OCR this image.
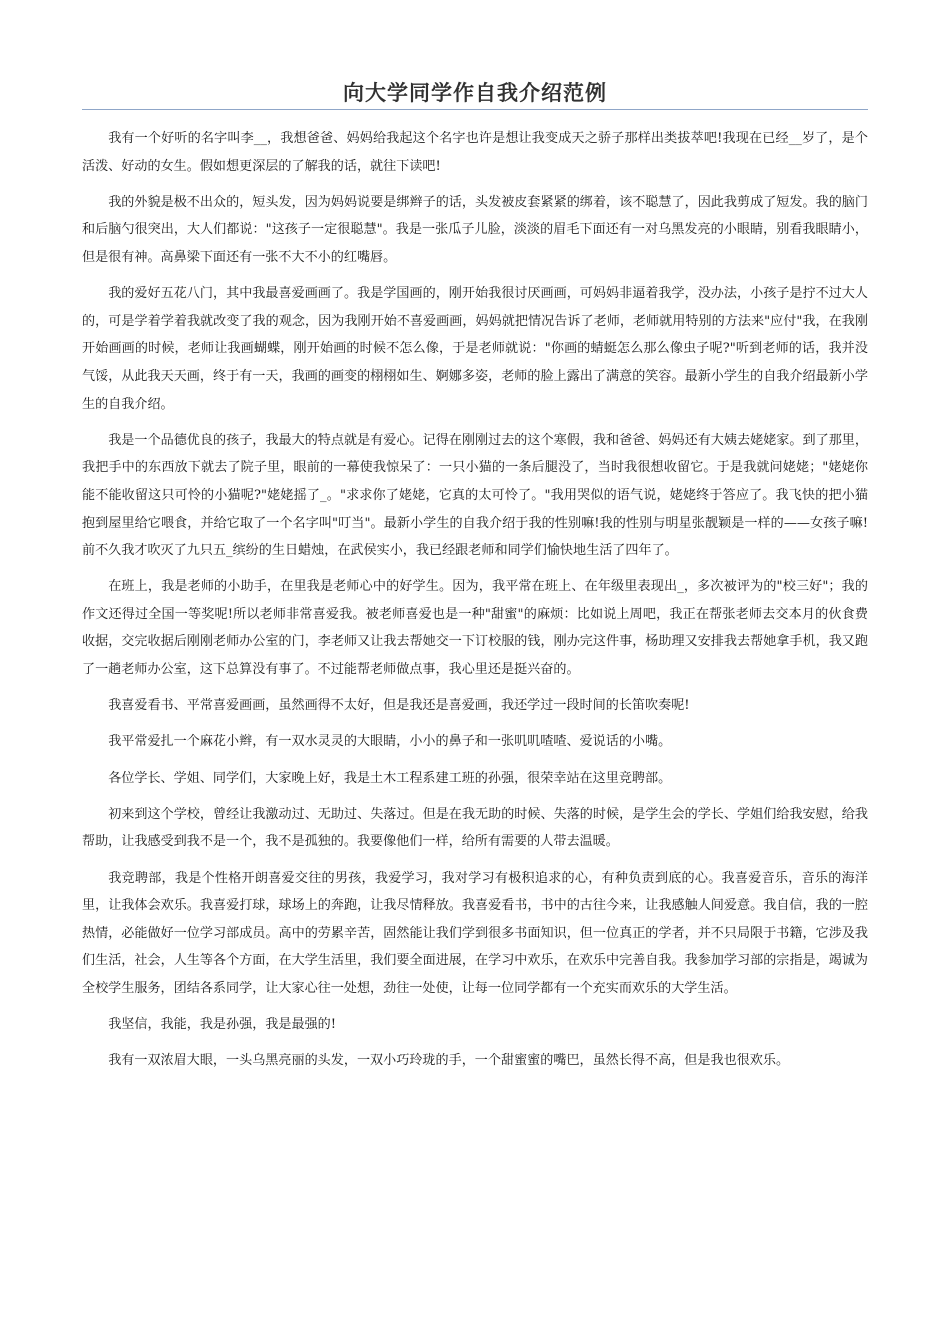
向大学同学作自我介绍范例

我有一个好听的名字叫李__，我想爸爸、妈妈给我起这个名字也许是想让我变成天之骄子那样出类拔萃吧!我现在已经__岁了，是个活泼、好动的女生。假如想更深层的了解我的话，就往下读吧!

我的外貌是极不出众的，短头发，因为妈妈说要是绑辫子的话，头发被皮套紧紧的绑着，该不聪慧了，因此我剪成了短发。我的脑门和后脑勺很突出，大人们都说："这孩子一定很聪慧"。我是一张瓜子儿脸，淡淡的眉毛下面还有一对乌黑发亮的小眼睛，别看我眼睛小，但是很有神。高鼻梁下面还有一张不大不小的红嘴唇。

我的爱好五花八门，其中我最喜爱画画了。我是学国画的，刚开始我很讨厌画画，可妈妈非逼着我学，没办法，小孩子是拧不过大人的，可是学着学着我就改变了我的观念，因为我刚开始不喜爱画画，妈妈就把情况告诉了老师，老师就用特别的方法来"应付"我，在我刚开始画画的时候，老师让我画蝴蝶，刚开始画的时候不怎么像，于是老师就说："你画的蜻蜓怎么那么像虫子呢?"听到老师的话，我并没气馁，从此我天天画，终于有一天，我画的画变的栩栩如生、婀娜多姿，老师的脸上露出了满意的笑容。最新小学生的自我介绍最新小学生的自我介绍。

我是一个品德优良的孩子，我最大的特点就是有爱心。记得在刚刚过去的这个寒假，我和爸爸、妈妈还有大姨去姥姥家。到了那里，我把手中的东西放下就去了院子里，眼前的一幕使我惊呆了：一只小猫的一条后腿没了，当时我很想收留它。于是我就问姥姥；"姥姥你能不能收留这只可怜的小猫呢?"姥姥摇了_。"求求你了姥姥，它真的太可怜了。"我用哭似的语气说，姥姥终于答应了。我飞快的把小猫抱到屋里给它喂食，并给它取了一个名字叫"叮当"。最新小学生的自我介绍于我的性别嘛!我的性别与明星张靓颖是一样的——女孩子嘛!前不久我才吹灭了九只五_缤纷的生日蜡烛，在武侯实小，我已经跟老师和同学们愉快地生活了四年了。

在班上，我是老师的小助手，在里我是老师心中的好学生。因为，我平常在班上、在年级里表现出_，多次被评为的"校三好"；我的作文还得过全国一等奖呢!所以老师非常喜爱我。被老师喜爱也是一种"甜蜜"的麻烦：比如说上周吧，我正在帮张老师去交本月的伙食费收据，交完收据后刚刚老师办公室的门，李老师又让我去帮她交一下订校服的钱，刚办完这件事，杨助理又安排我去帮她拿手机，我又跑了一趟老师办公室，这下总算没有事了。不过能帮老师做点事，我心里还是挺兴奋的。

我喜爱看书、平常喜爱画画，虽然画得不太好，但是我还是喜爱画，我还学过一段时间的长笛吹奏呢!

我平常爱扎一个麻花小辫，有一双水灵灵的大眼睛，小小的鼻子和一张叽叽喳喳、爱说话的小嘴。

各位学长、学姐、同学们，大家晚上好，我是土木工程系建工班的孙强，很荣幸站在这里竞聘部。

初来到这个学校，曾经让我激动过、无助过、失落过。但是在我无助的时候、失落的时候，是学生会的学长、学姐们给我安慰，给我帮助，让我感受到我不是一个，我不是孤独的。我要像他们一样，给所有需要的人带去温暖。

我竞聘部，我是个性格开朗喜爱交往的男孩，我爱学习，我对学习有极积追求的心，有种负责到底的心。我喜爱音乐，音乐的海洋里，让我体会欢乐。我喜爱打球，球场上的奔跑，让我尽情释放。我喜爱看书，书中的古往今来，让我感触人间爱意。我自信，我的一腔热情，必能做好一位学习部成员。高中的劳累辛苦，固然能让我们学到很多书面知识，但一位真正的学者，并不只局限于书籍，它涉及我们生活，社会，人生等各个方面，在大学生活里，我们要全面进展，在学习中欢乐，在欢乐中完善自我。我参加学习部的宗指是，竭诚为全校学生服务，团结各系同学，让大家心往一处想，劲往一处使，让每一位同学都有一个充实而欢乐的大学生活。

我坚信，我能，我是孙强，我是最强的!

我有一双浓眉大眼，一头乌黑亮丽的头发，一双小巧玲珑的手，一个甜蜜蜜的嘴巴，虽然长得不高，但是我也很欢乐。
